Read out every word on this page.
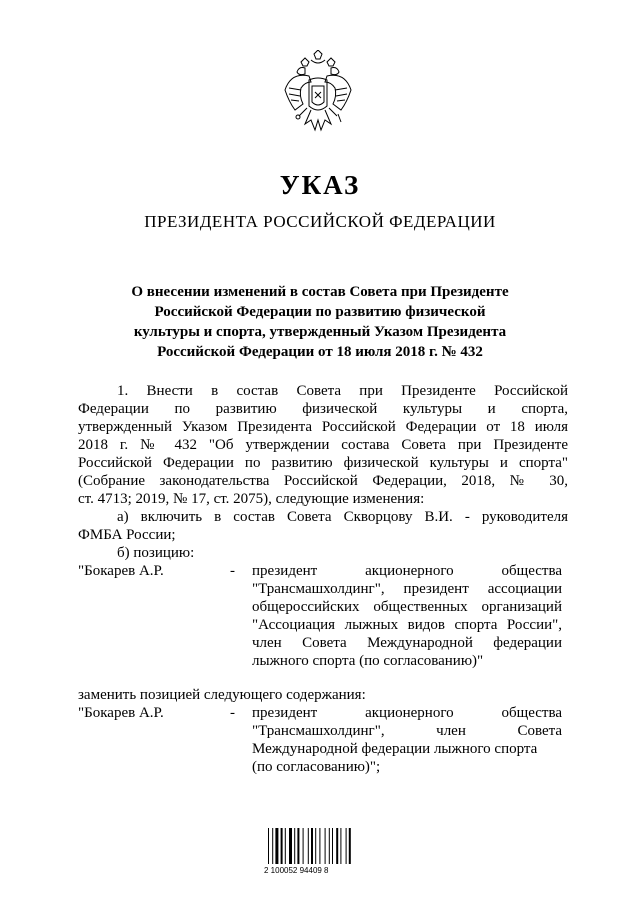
УКАЗ
ПРЕЗИДЕНТА РОССИЙСКОЙ ФЕДЕРАЦИИ
О внесении изменений в состав Совета при Президенте
Российской Федерации по развитию физической
культуры и спорта, утвержденный Указом Президента
Российской Федерации от 18 июля 2018 г. № 432
1. Внести в состав Совета при Президенте Российской
Федерации по развитию физической культуры и спорта,
утвержденный Указом Президента Российской Федерации от 18 июля
2018 г. № 432 "Об утверждении состава Совета при Президенте
Российской Федерации по развитию физической культуры и спорта"
(Собрание законодательства Российской Федерации, 2018, № 30,
ст. 4713; 2019, № 17, ст. 2075), следующие изменения:
а) включить в состав Совета Скворцову В.И. - руководителя
ФМБА России;
б) позицию:
"Бокарев А.Р.	-	президент акционерного общества
"Трансмашхолдинг", президент ассоциации
общероссийских общественных организаций
"Ассоциация лыжных видов спорта России",
член Совета Международной федерации
лыжного спорта (по согласованию)"
заменить позицией следующего содержания:
"Бокарев А.Р.	-	президент акционерного общества
"Трансмашхолдинг", член Совета
Международной федерации лыжного спорта
(по согласованию)";
2 100052 94409 8
